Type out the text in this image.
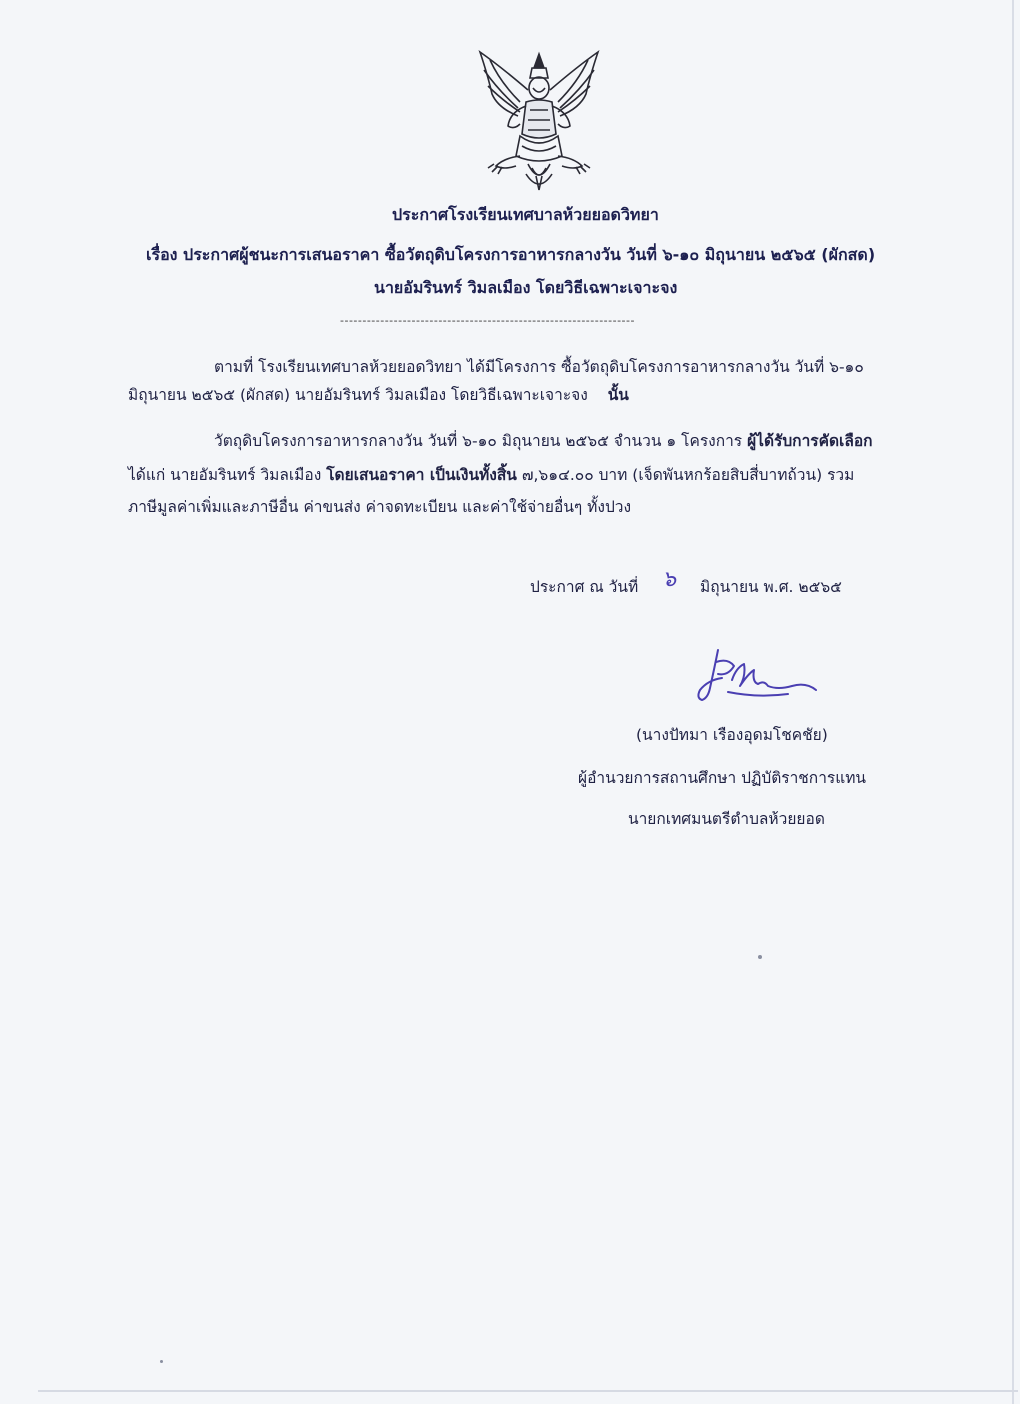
ประกาศโรงเรียนเทศบาลห้วยยอดวิทยา
เรื่อง ประกาศผู้ชนะการเสนอราคา ซื้อวัตถุดิบโครงการอาหารกลางวัน วันที่ ๖-๑๐ มิถุนายน ๒๕๖๕ (ผักสด)
นายอัมรินทร์ วิมลเมือง โดยวิธีเฉพาะเจาะจง
------------------------------------------------------------------
ตามที่ โรงเรียนเทศบาลห้วยยอดวิทยา ได้มีโครงการ ซื้อวัตถุดิบโครงการอาหารกลางวัน วันที่ ๖-๑๐
มิถุนายน ๒๕๖๕ (ผักสด) นายอัมรินทร์ วิมลเมือง โดยวิธีเฉพาะเจาะจง นั้น
วัตถุดิบโครงการอาหารกลางวัน วันที่ ๖-๑๐ มิถุนายน ๒๕๖๕ จำนวน ๑ โครงการ ผู้ได้รับการคัดเลือก
ได้แก่ นายอัมรินทร์ วิมลเมือง โดยเสนอราคา เป็นเงินทั้งสิ้น ๗,๖๑๔.๐๐ บาท (เจ็ดพันหกร้อยสิบสี่บาทถ้วน) รวม
ภาษีมูลค่าเพิ่มและภาษีอื่น ค่าขนส่ง ค่าจดทะเบียน และค่าใช้จ่ายอื่นๆ ทั้งปวง
ประกาศ ณ วันที่ ๖ มิถุนายน พ.ศ. ๒๕๖๕
(นางปัทมา เรืองอุดมโชคชัย)
ผู้อำนวยการสถานศึกษา ปฏิบัติราชการแทน
นายกเทศมนตรีตำบลห้วยยอด
